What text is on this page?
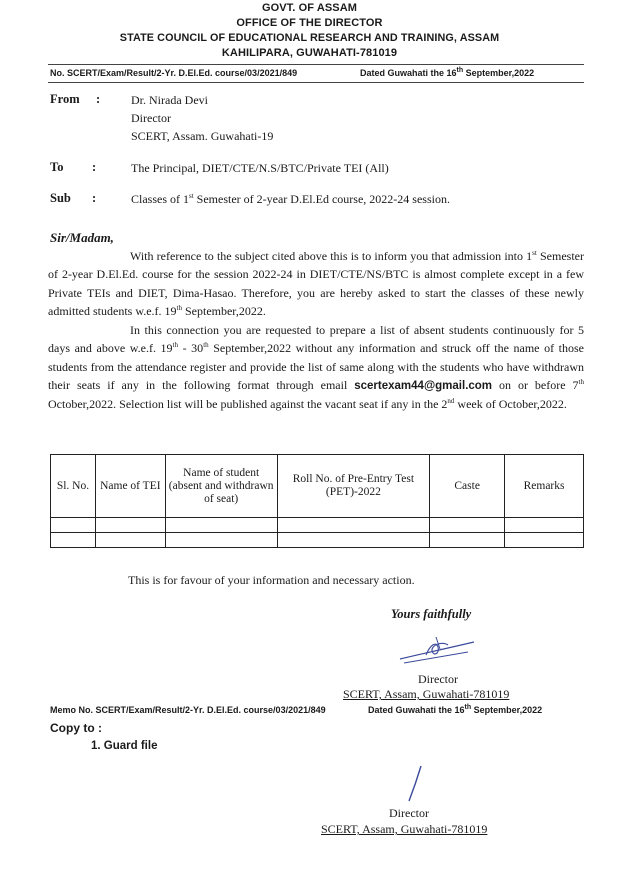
GOVT. OF ASSAM
OFFICE OF THE DIRECTOR
STATE COUNCIL OF EDUCATIONAL RESEARCH AND TRAINING, ASSAM
KAHILIPARA, GUWAHATI-781019
No. SCERT/Exam/Result/2-Yr. D.El.Ed. course/03/2021/849	Dated Guwahati the 16th September,2022
From :	Dr. Nirada Devi
Director
SCERT, Assam. Guwahati-19
To :	The Principal, DIET/CTE/N.S/BTC/Private TEI (All)
Sub :	Classes of 1st Semester of 2-year D.El.Ed course, 2022-24 session.
Sir/Madam,
With reference to the subject cited above this is to inform you that admission into 1st Semester of 2-year D.El.Ed. course for the session 2022-24 in DIET/CTE/NS/BTC is almost complete except in a few Private TEIs and DIET, Dima-Hasao. Therefore, you are hereby asked to start the classes of these newly admitted students w.e.f. 19th September,2022.
In this connection you are requested to prepare a list of absent students continuously for 5 days and above w.e.f. 19th - 30th September,2022 without any information and struck off the name of those students from the attendance register and provide the list of same along with the students who have withdrawn their seats if any in the following format through email scertexam44@gmail.com on or before 7th October,2022. Selection list will be published against the vacant seat if any in the 2nd week of October,2022.
Sl. No.	Name of TEI	Name of student (absent and withdrawn of seat)	Roll No. of Pre-Entry Test (PET)-2022	Caste	Remarks

This is for favour of your information and necessary action.
Yours faithfully
Director
SCERT, Assam, Guwahati-781019
Memo No. SCERT/Exam/Result/2-Yr. D.El.Ed. course/03/2021/849	Dated Guwahati the 16th September,2022
Copy to :
1. Guard file
Director
SCERT, Assam, Guwahati-781019
